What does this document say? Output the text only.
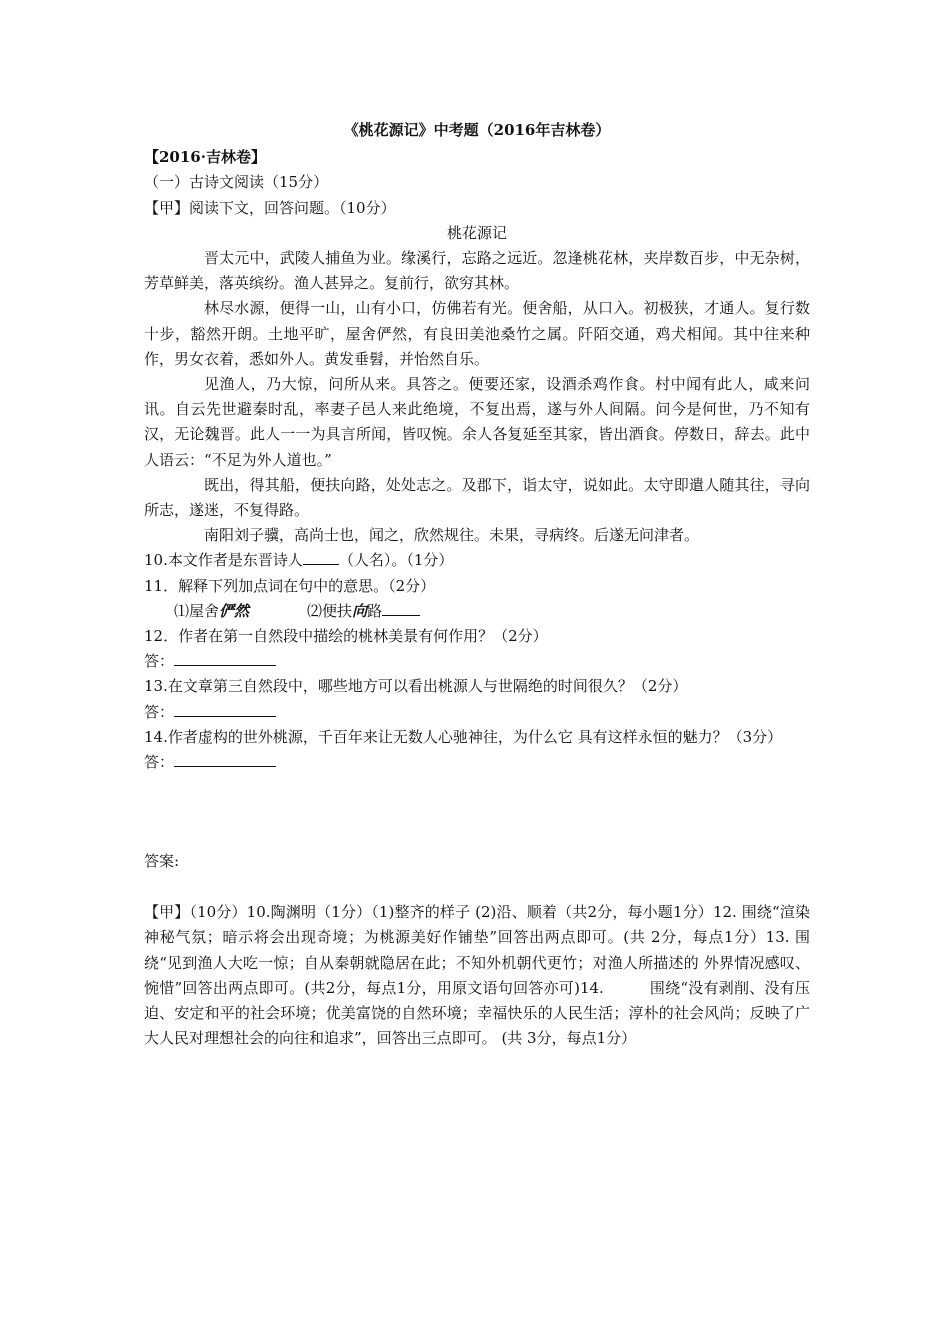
《桃花源记》中考题（2016年吉林卷）
【2016·吉林卷】
（一）古诗文阅读（15分）
【甲】阅读下文，回答问题。（10分）
桃花源记
晋太元中，武陵人捕鱼为业。缘溪行，忘路之远近。忽逢桃花林，夹岸数百步，中无杂树，芳草鲜美，落英缤纷。渔人甚异之。复前行，欲穷其林。
林尽水源，便得一山，山有小口，仿佛若有光。便舍船，从口入。初极狭，才通人。复行数十步，豁然开朗。土地平旷，屋舍俨然，有良田美池桑竹之属。阡陌交通，鸡犬相闻。其中往来种作，男女衣着，悉如外人。黄发垂髫，并怡然自乐。
见渔人，乃大惊，问所从来。具答之。便要还家，设酒杀鸡作食。村中闻有此人，咸来问讯。自云先世避秦时乱，率妻子邑人来此绝境，不复出焉，遂与外人间隔。问今是何世，乃不知有汉，无论魏晋。此人一一为具言所闻，皆叹惋。余人各复延至其家，皆出酒食。停数日，辞去。此中人语云：“不足为外人道也。”
既出，得其船，便扶向路，处处志之。及郡下，诣太守，说如此。太守即遣人随其往，寻向所志，遂迷，不复得路。
南阳刘子骥，高尚士也，闻之，欣然规往。未果，寻病终。后遂无问津者。
10.本文作者是东晋诗人 （人名）。（1分）
11．解释下列加点词在句中的意思。（2分）
⑴屋舍俨然	⑵便扶向路
12．作者在第一自然段中描绘的桃林美景有何作用？（2分）
答：
13.在文章第三自然段中，哪些地方可以看出桃源人与世隔绝的时间很久？（2分）
答：
14.作者虚构的世外桃源，千百年来让无数人心驰神往，为什么它 具有这样永恒的魅力？（3分）
答：
答案:
【甲】（10分）10.陶渊明（1分）（1)整齐的样子 (2)沿、顺着（共2分，每小题1分）12. 围绕“渲染神秘气氛；暗示将会出现奇境；为桃源美好作铺垫”回答出两点即可。(共 2分，每点1分）13. 围绕“见到渔人大吃一惊；自从秦朝就隐居在此；不知外机朝代更竹；对渔人所描述的 外界情况感叹、惋惜”回答出两点即可。(共2分，每点1分，用原文语句回答亦可)14.　　　围绕“没有剥削、没有压迫、安定和平的社会环境；优美富饶的自然环境；幸福快乐的人民生活；淳朴的社会风尚；反映了广大人民对理想社会的向往和追求”，回答出三点即可。 (共 3分，每点1分）
